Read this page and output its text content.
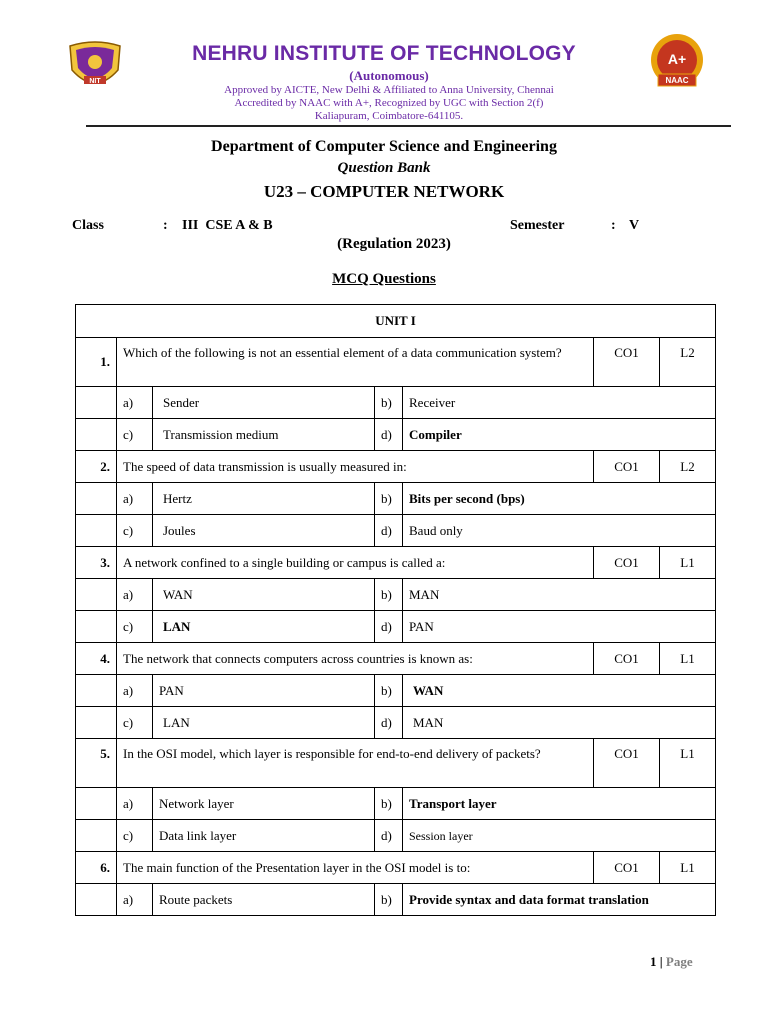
NIT
A+
NAAC
NEHRU INSTITUTE OF TECHNOLOGY
(Autonomous)
Approved by AICTE, New Delhi & Affiliated to Anna University, Chennai
Accredited by NAAC with A+, Recognized by UGC with Section 2(f)
Kaliapuram, Coimbatore-641105.
Department of Computer Science and Engineering
Question Bank
U23 – COMPUTER NETWORK
Class	: III  CSE A & B	Semester	: V
(Regulation 2023)
MCQ Questions
UNIT I						
1.	Which of the following is not an essential element of a data communication system?				CO1	L2
	a)	Sender	b)	Receiver		
	c)	Transmission medium	d)	Compiler		
2.	The speed of data transmission is usually measured in:				CO1	L2
	a)	Hertz	b)	Bits per second (bps)		
	c)	Joules	d)	Baud only		
3.	A network confined to a single building or campus is called a:				CO1	L1
	a)	WAN	b)	MAN		
	c)	LAN	d)	PAN		
4.	The network that connects computers across countries is known as:				CO1	L1
	a)	PAN	b)	WAN		
	c)	LAN	d)	MAN		
5.	In the OSI model, which layer is responsible for end-to-end delivery of packets?				CO1	L1
	a)	Network layer	b)	Transport layer		
	c)	Data link layer	d)	Session layer		
6.	The main function of the Presentation layer in the OSI model is to:				CO1	L1
	a)	Route packets	b)	Provide syntax and data format translation		
1 | Page
